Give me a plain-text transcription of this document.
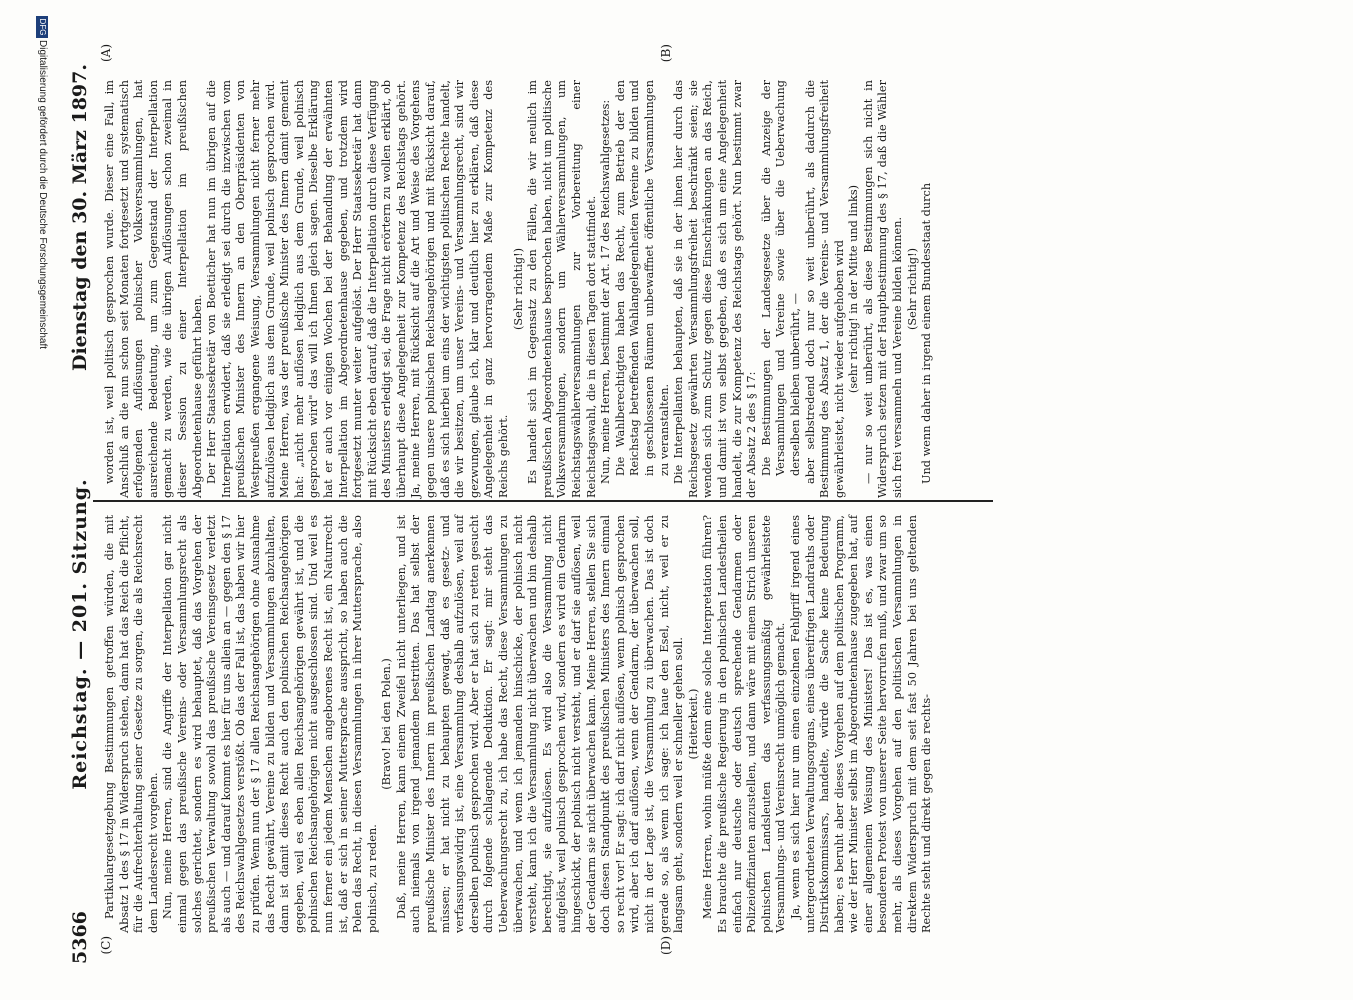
5366
Reichstag. — 201. Sitzung.
Dienstag den 30. März 1897.
(A)	(B)
(C)	(D)

worden ist, weil politisch gesprochen wurde. Dieser eine Fall, im Anschluß an die nun schon seit Monaten fortgesetzt und systematisch erfolgenden Auflösungen polnischer Volksversammlungen, hat ausreichende Bedeutung, um zum Gegenstand der Interpellation gemacht zu werden, wie die übrigen Auflösungen schon zweimal in dieser Session zu einer Interpellation im preußischen Abgeordnetenhause geführt haben. Der Herr Staatssekretär von Boetticher hat nun im übrigen auf die Interpellation erwidert, daß sie erledigt sei durch die inzwischen vom preußischen Minister des Innern an den Oberpräsidenten von Westpreußen ergangene Weisung, Versammlungen nicht ferner mehr aufzulösen lediglich aus dem Grunde, weil polnisch gesprochen wird. Meine Herren, was der preußische Minister des Innern damit gemeint hat: „nicht mehr auflösen lediglich aus dem Grunde, weil polnisch gesprochen wird" das will ich Ihnen gleich sagen. Dieselbe Erklärung hat er auch vor einigen Wochen bei der Behandlung der erwähnten Interpellation im Abgeordnetenhause gegeben, und trotzdem wird fortgesetzt munter weiter aufgelöst. Der Herr Staatssekretär hat dann mit Rücksicht eben darauf, daß die Interpellation durch diese Verfügung des Ministers erledigt sei, die Frage nicht erörtern zu wollen erklärt, ob überhaupt diese Angelegenheit zur Kompetenz des Reichstags gehört. Ja, meine Herren, mit Rücksicht auf die Art und Weise des Vorgehens gegen unsere polnischen Reichsangehörigen und mit Rücksicht darauf, daß es sich hierbei um eins der wichtigsten politischen Rechte handelt, die wir besitzen, um unser Vereins- und Versammlungsrecht, sind wir gezwungen, glaube ich, klar und deutlich hier zu erklären, daß diese Angelegenheit in ganz hervorragendem Maße zur Kompetenz des Reichs gehört.

(Sehr richtig!) Es handelt sich im Gegensatz zu den Fällen, die wir neulich im preußischen Abgeordnetenhause besprochen haben, nicht um politische Volksversammlungen, sondern um Wählerversammlungen, um Reichstagswählerversammlungen zur Vorbereitung einer Reichstagswahl, die in diesen Tagen dort stattfindet. Nun, meine Herren, bestimmt der Art. 17 des Reichswahlgesetzes: Die Wahlberechtigten haben das Recht, zum Betrieb der den Reichstag betreffenden Wahlangelegenheiten Vereine zu bilden und in geschlossenen Räumen unbewaffnet öffentliche Versammlungen zu veranstalten. Die Interpellanten behaupten, daß sie in der ihnen hier durch das Reichsgesetz gewährten Versammlungsfreiheit beschränkt seien; sie wenden sich zum Schutz gegen diese Einschränkungen an das Reich, und damit ist von selbst gegeben, daß es sich um eine Angelegenheit handelt, die zur Kompetenz des Reichstags gehört. Nun bestimmt zwar der Absatz 2 des § 17: Die Bestimmungen der Landesgesetze über die Anzeige der Versammlungen und Vereine sowie über die Ueberwachung derselben bleiben unberührt, — aber selbstredend doch nur so weit unberührt, als dadurch die Bestimmung des Absatz 1, der die Vereins- und Versammlungsfreiheit gewährleistet, nicht wieder aufgehoben wird (sehr richtig! in der Mitte und links) — nur so weit unberührt, als diese Bestimmungen sich nicht in Widerspruch setzen mit der Hauptbestimmung des § 17, daß die Wähler sich frei versammeln und Vereine bilden können. (Sehr richtig!) Und wenn daher in irgend einem Bundesstaat durch

Partikulargesetzgebung Bestimmungen getroffen würden, die mit Absatz 1 des § 17 in Widerspruch stehen, dann hat das Reich die Pflicht, für die Aufrechterhaltung seiner Gesetze zu sorgen, die als Reichsrecht dem Landesrecht vorgehen. Nun, meine Herren, sind die Angriffe der Interpellation gar nicht einmal gegen das preußische Vereins- oder Versammlungsrecht als solches gerichtet, sondern es wird behauptet, daß das Vorgehen der preußischen Verwaltung sowohl das preußische Vereinsgesetz verletzt als auch — und darauf kommt es hier für uns allein an — gegen den § 17 des Reichswahlgesetzes verstößt. Ob das der Fall ist, das haben wir hier zu prüfen. Wenn nun der § 17 allen Reichsangehörigen ohne Ausnahme das Recht gewährt, Vereine zu bilden und Versammlungen abzuhalten, dann ist damit dieses Recht auch den polnischen Reichsangehörigen gegeben, weil es eben allen Reichsangehörigen gewährt ist, und die polnischen Reichsangehörigen nicht ausgeschlossen sind. Und weil es nun ferner ein jedem Menschen angeborenes Recht ist, ein Naturrecht ist, daß er sich in seiner Muttersprache ausspricht, so haben auch die Polen das Recht, in diesen Versammlungen in ihrer Muttersprache, also polnisch, zu reden.

(Bravo! bei den Polen.) Daß, meine Herren, kann einem Zweifel nicht unterliegen, und ist auch niemals von irgend jemandem bestritten. Das hat selbst der preußische Minister des Innern im preußischen Landtag anerkennen müssen; er hat nicht zu behaupten gewagt, daß es gesetz- und verfassungswidrig ist, eine Versammlung deshalb aufzulösen, weil auf derselben polnisch gesprochen wird. Aber er hat sich zu retten gesucht durch folgende schlagende Deduktion. Er sagt: mir steht das Ueberwachungsrecht zu, ich habe das Recht, diese Versammlungen zu überwachen, und wenn ich jemanden hinschicke, der polnisch nicht versteht, kann ich die Versammlung nicht überwachen und bin deshalb berechtigt, sie aufzulösen. Es wird also die Versammlung nicht aufgelöst, weil polnisch gesprochen wird, sondern es wird ein Gendarm hingeschickt, der polnisch nicht versteht, und er darf sie auflösen, weil der Gendarm sie nicht überwachen kann. Meine Herren, stellen Sie sich doch diesen Standpunkt des preußischen Ministers des Innern einmal so recht vor! Er sagt: ich darf nicht auflösen, wenn polnisch gesprochen wird, aber ich darf auflösen, wenn der Gendarm, der überwachen soll, nicht in der Lage ist, die Versammlung zu überwachen. Das ist doch gerade so, als wenn ich sage: ich haue den Esel, nicht, weil er zu langsam geht, sondern weil er schneller gehen soll. (Heiterkeit.) Meine Herren, wohin müßte denn eine solche Interpretation führen? Es brauchte die preußische Regierung in den polnischen Landestheilen einfach nur deutsche oder deutsch sprechende Gendarmen oder Polizeioffizianten anzustellen, und dann wäre mit einem Strich unseren polnischen Landsleuten das verfassungsmäßig gewährleistete Versammlungs- und Vereinsrecht unmöglich gemacht. Ja, wenn es sich hier nur um einen einzelnen Fehlgriff irgend eines untergeordneten Verwaltungsorgans, eines übereifrigen Landraths oder Distriktskommissars, handelte, würde die Sache keine Bedeutung haben; es beruht aber dieses Vorgehen auf dem politischen Programm, wie der Herr Minister selbst im Abgeordnetenhause zugegeben hat, auf einer allgemeinen Weisung des Ministers! Das ist es, was einen besonderen Protest von unserer Seite hervorrufen muß, und zwar um so mehr, als dieses Vorgehen auf den politischen Versammlungen in direktem Widerspruch mit dem seit fast 50 Jahren bei uns geltenden Rechte steht und direkt gegen die rechts-

Digitalisierung gefördert durch die Deutsche Forschungsgemeinschaft
DFG
